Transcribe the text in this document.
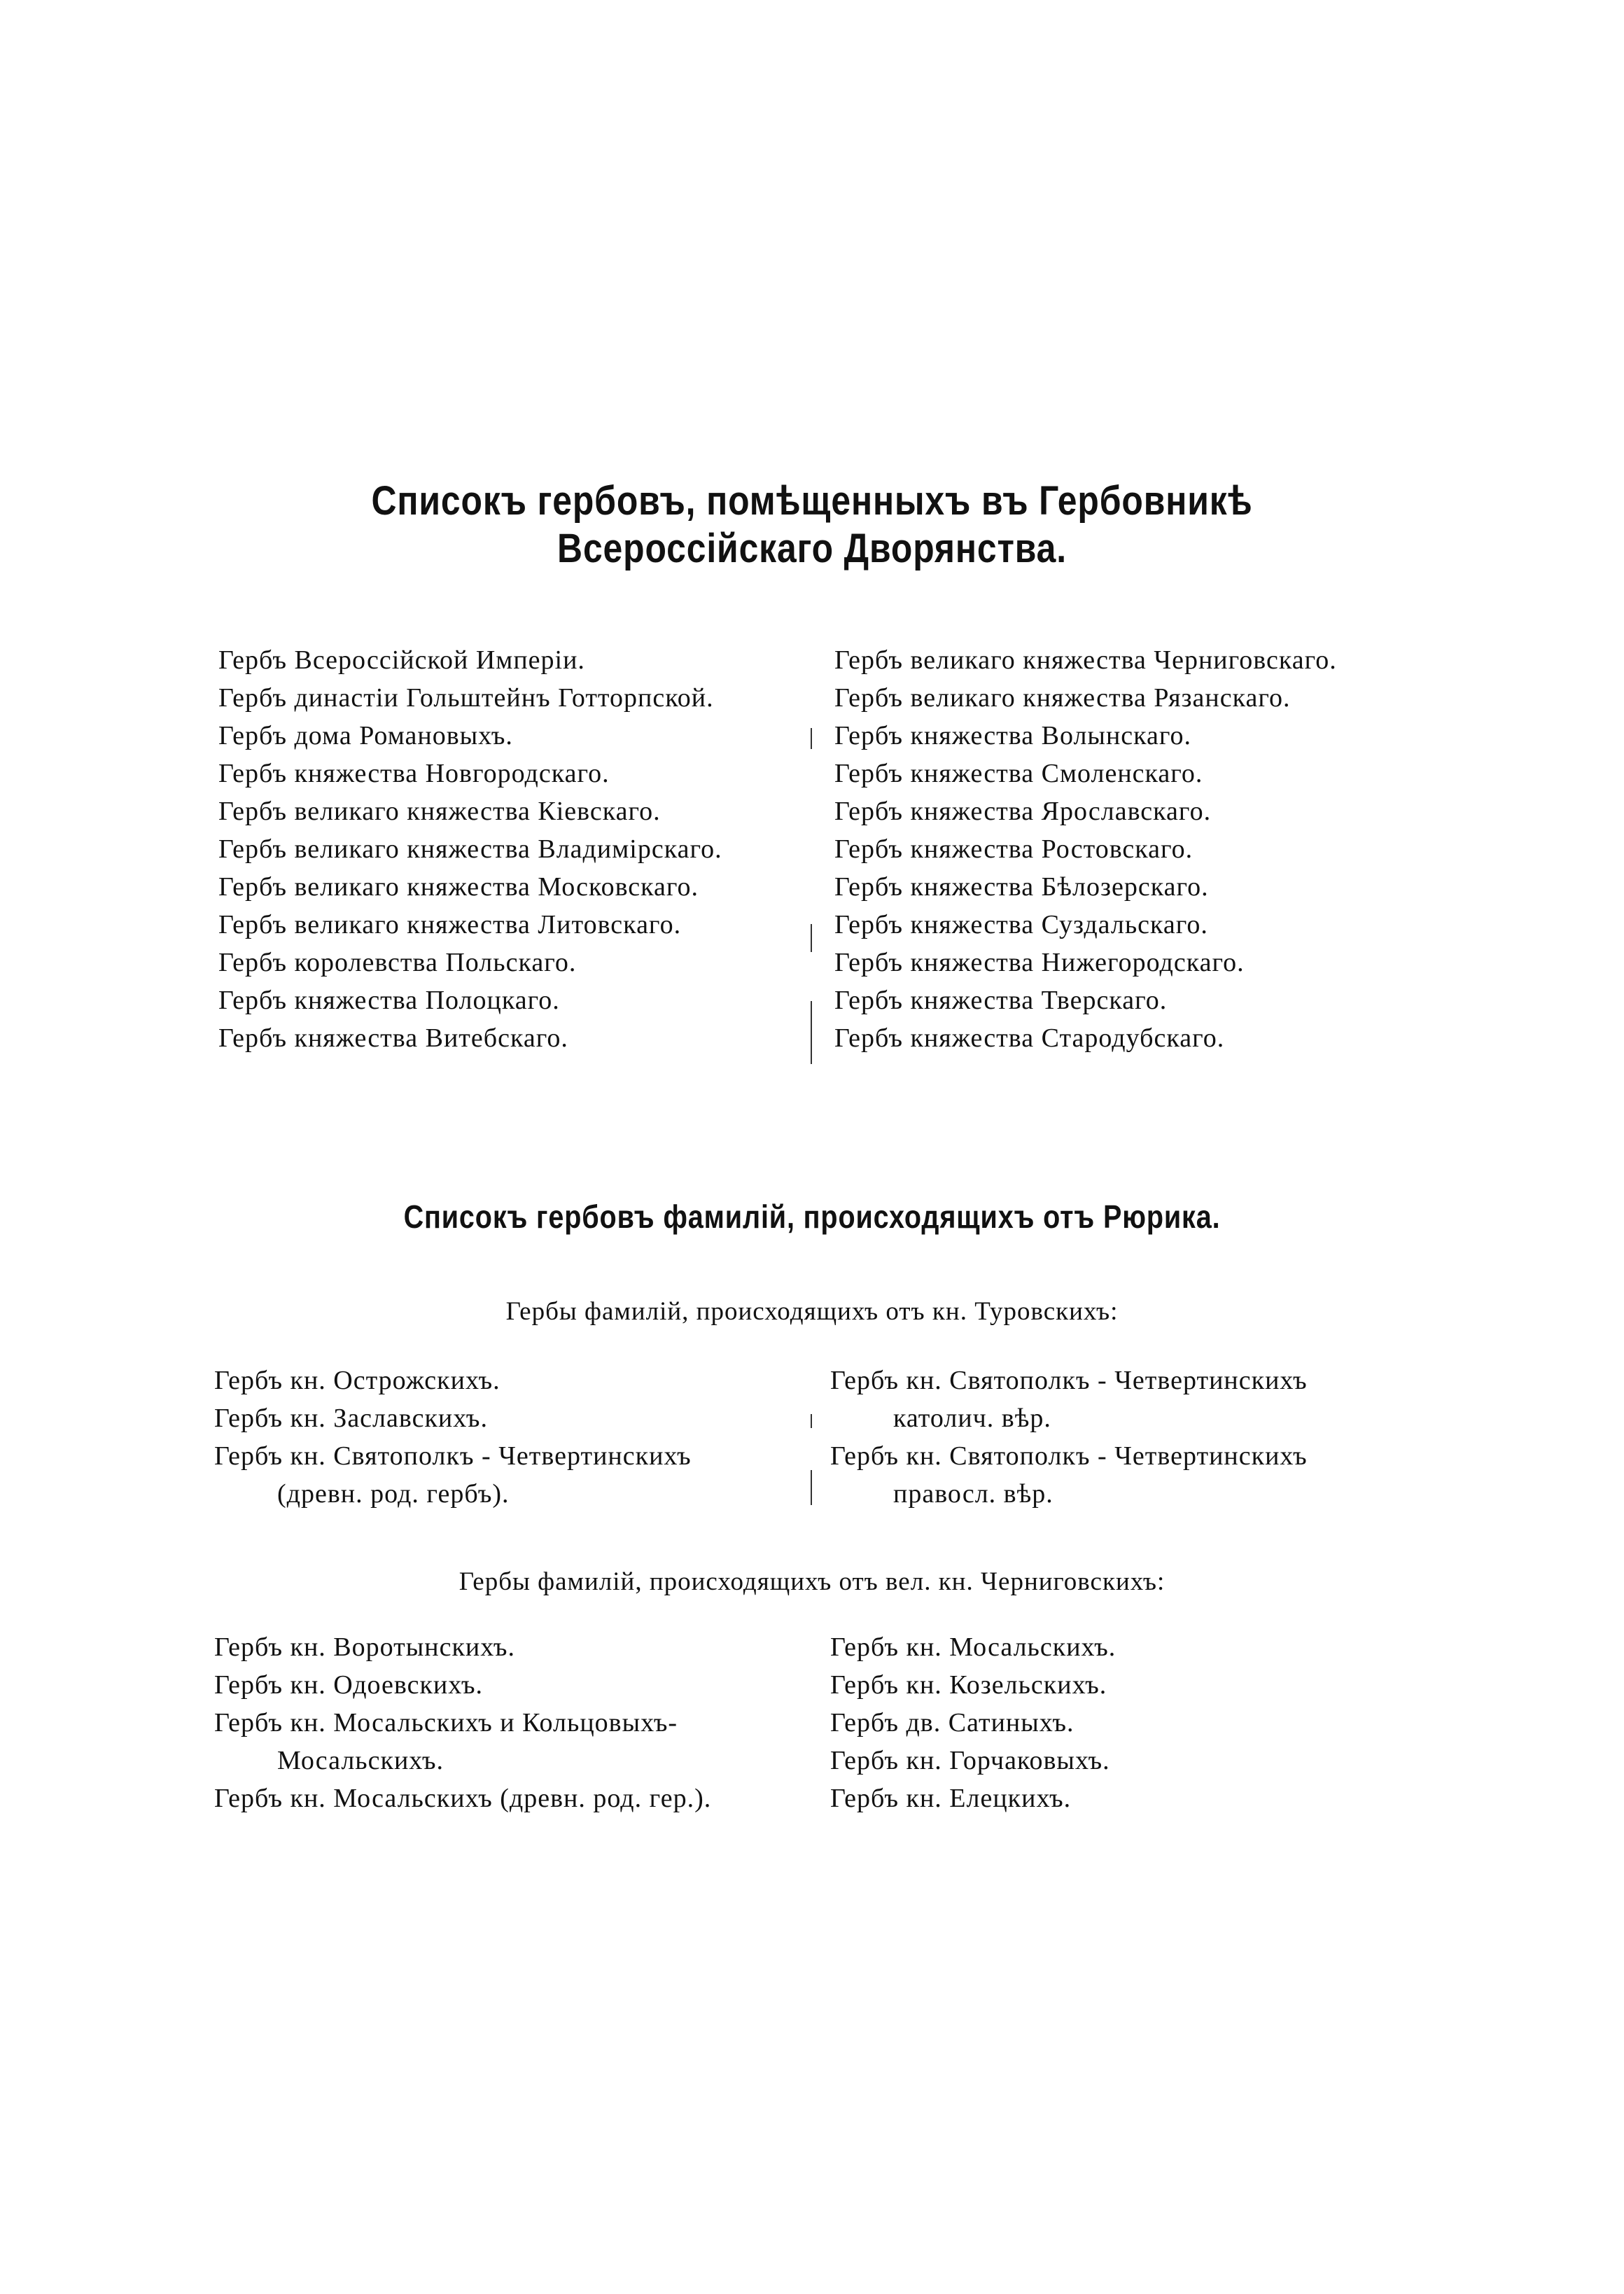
Списокъ гербовъ, помѣщенныхъ въ Гербовникѣ
Всероссійскаго Дворянства.
Гербъ Всероссійской Имперіи.
Гербъ династіи Гольштейнъ Готторпской.
Гербъ дома Романовыхъ.
Гербъ княжества Новгородскаго.
Гербъ великаго княжества Кіевскаго.
Гербъ великаго княжества Владимірскаго.
Гербъ великаго княжества Московскаго.
Гербъ великаго княжества Литовскаго.
Гербъ королевства Польскаго.
Гербъ княжества Полоцкаго.
Гербъ княжества Витебскаго.
Гербъ великаго княжества Черниговскаго.
Гербъ великаго княжества Рязанскаго.
Гербъ княжества Волынскаго.
Гербъ княжества Смоленскаго.
Гербъ княжества Ярославскаго.
Гербъ княжества Ростовскаго.
Гербъ княжества Бѣлозерскаго.
Гербъ княжества Суздальскаго.
Гербъ княжества Нижегородскаго.
Гербъ княжества Тверскаго.
Гербъ княжества Стародубскаго.
Списокъ гербовъ фамилій, происходящихъ отъ Рюрика.
Гербы фамилій, происходящихъ отъ кн. Туровскихъ:
Гербъ кн. Острожскихъ.
Гербъ кн. Заславскихъ.
Гербъ кн. Святополкъ - Четвертинскихъ
(древн. род. гербъ).
Гербъ кн. Святополкъ - Четвертинскихъ
католич. вѣр.
Гербъ кн. Святополкъ - Четвертинскихъ
правосл. вѣр.
Гербы фамилій, происходящихъ отъ вел. кн. Черниговскихъ:
Гербъ кн. Воротынскихъ.
Гербъ кн. Одоевскихъ.
Гербъ кн. Мосальскихъ и Кольцовыхъ-
Мосальскихъ.
Гербъ кн. Мосальскихъ (древн. род. гер.).
Гербъ кн. Мосальскихъ.
Гербъ кн. Козельскихъ.
Гербъ дв. Сатиныхъ.
Гербъ кн. Горчаковыхъ.
Гербъ кн. Елецкихъ.
